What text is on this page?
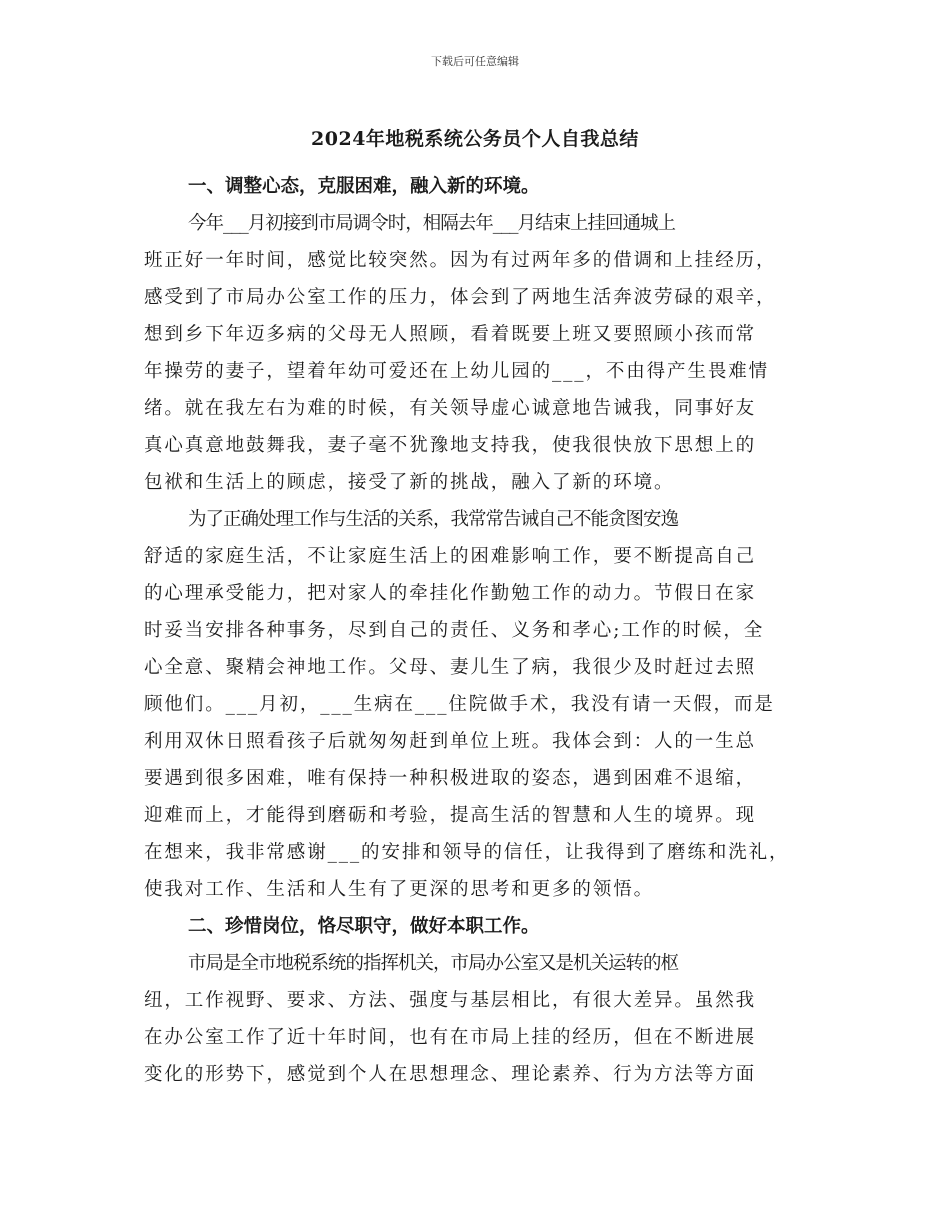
下载后可任意编辑
2024年地税系统公务员个人自我总结
一、调整心态，克服困难，融入新的环境。

今年___月初接到市局调令时，相隔去年___月结束上挂回通城上
班正好一年时间，感觉比较突然。因为有过两年多的借调和上挂经历，
感受到了市局办公室工作的压力，体会到了两地生活奔波劳碌的艰辛，
想到乡下年迈多病的父母无人照顾，看着既要上班又要照顾小孩而常
年操劳的妻子，望着年幼可爱还在上幼儿园的___，不由得产生畏难情
绪。就在我左右为难的时候，有关领导虚心诚意地告诫我，同事好友
真心真意地鼓舞我，妻子毫不犹豫地支持我，使我很快放下思想上的
包袱和生活上的顾虑，接受了新的挑战，融入了新的环境。

为了正确处理工作与生活的关系，我常常告诫自己不能贪图安逸
舒适的家庭生活，不让家庭生活上的困难影响工作，要不断提高自己
的心理承受能力，把对家人的牵挂化作勤勉工作的动力。节假日在家
时妥当安排各种事务，尽到自己的责任、义务和孝心;工作的时候，全
心全意、聚精会神地工作。父母、妻儿生了病，我很少及时赶过去照
顾他们。___月初，___生病在___住院做手术，我没有请一天假，而是
利用双休日照看孩子后就匆匆赶到单位上班。我体会到：人的一生总
要遇到很多困难，唯有保持一种积极进取的姿态，遇到困难不退缩，
迎难而上，才能得到磨砺和考验，提高生活的智慧和人生的境界。现
在想来，我非常感谢___的安排和领导的信任，让我得到了磨练和洗礼，
使我对工作、生活和人生有了更深的思考和更多的领悟。

二、珍惜岗位，恪尽职守，做好本职工作。

市局是全市地税系统的指挥机关，市局办公室又是机关运转的枢
纽，工作视野、要求、方法、强度与基层相比，有很大差异。虽然我
在办公室工作了近十年时间，也有在市局上挂的经历，但在不断进展
变化的形势下，感觉到个人在思想理念、理论素养、行为方法等方面
